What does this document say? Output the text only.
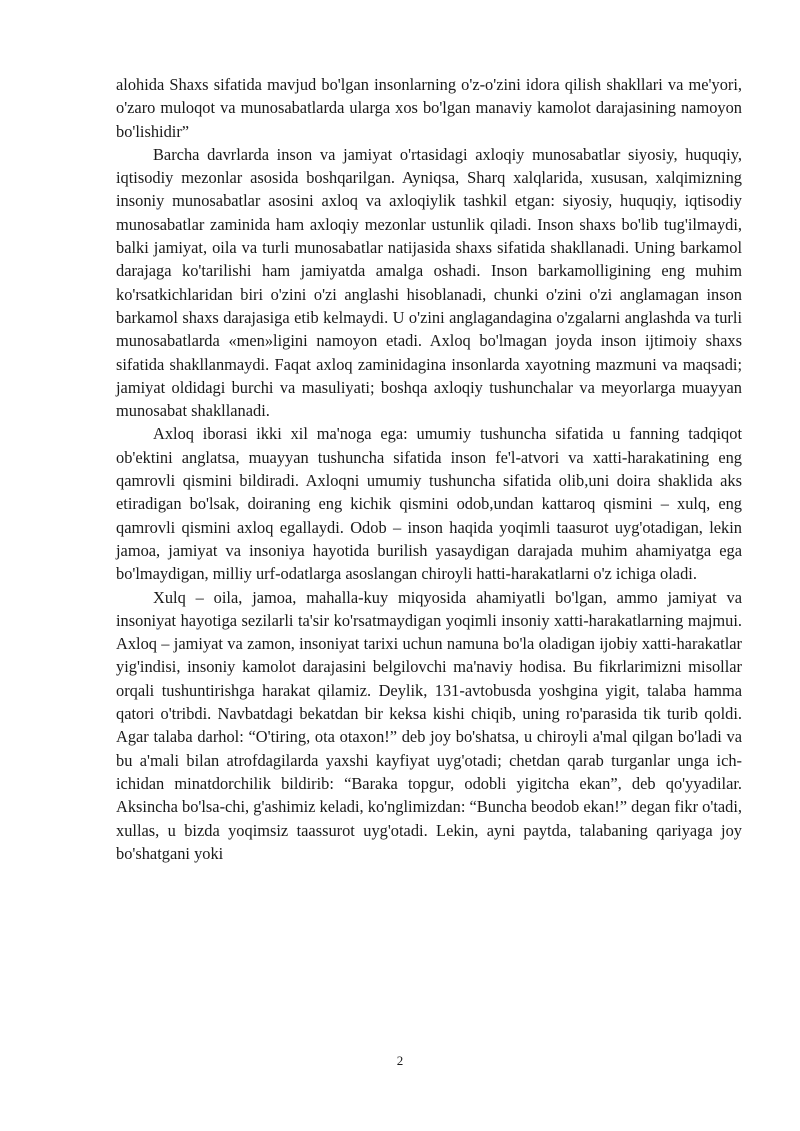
alohida Shaxs sifatida mavjud bo'lgan insonlarning o'z-o'zini idora qilish shakllari va me'yori, o'zaro muloqot va munosabatlarda ularga xos bo'lgan manaviy kamolot darajasining namoyon bo'lishidir”

Barcha davrlarda inson va jamiyat o'rtasidagi axloqiy munosabatlar siyosiy, huquqiy, iqtisodiy mezonlar asosida boshqarilgan. Ayniqsa, Sharq xalqlarida, xususan, xalqimizning insoniy munosabatlar asosini axloq va axloqiylik tashkil etgan: siyosiy, huquqiy, iqtisodiy munosabatlar zaminida ham axloqiy mezonlar ustunlik qiladi. Inson shaxs bo'lib tug'ilmaydi, balki jamiyat, oila va turli munosabatlar natijasida shaxs sifatida shakllanadi. Uning barkamol darajaga ko'tarilishi ham jamiyatda amalga oshadi. Inson barkamolligining eng muhim ko'rsatkichlaridan biri o'zini o'zi anglashi hisoblanadi, chunki o'zini o'zi anglamagan inson barkamol shaxs darajasiga etib kelmaydi. U o'zini anglagandagina o'zgalarni anglashda va turli munosabatlarda «men»ligini namoyon etadi. Axloq bo'lmagan joyda inson ijtimoiy shaxs sifatida shakllanmaydi. Faqat axloq zaminidagina insonlarda xayotning mazmuni va maqsadi; jamiyat oldidagi burchi va masuliyati; boshqa axloqiy tushunchalar va meyorlarga muayyan munosabat shakllanadi.

Axloq iborasi ikki xil ma'noga ega: umumiy tushuncha sifatida u fanning tadqiqot ob'ektini anglatsa, muayyan tushuncha sifatida inson fe'l-atvori va xatti-harakatining eng qamrovli qismini bildiradi. Axloqni umumiy tushuncha sifatida olib,uni doira shaklida aks etiradigan bo'lsak, doiraning eng kichik qismini odob,undan kattaroq qismini – xulq, eng qamrovli qismini axloq egallaydi. Odob – inson haqida yoqimli taasurot uyg'otadigan, lekin jamoa, jamiyat va insoniya hayotida burilish yasaydigan darajada muhim ahamiyatga ega bo'lmaydigan, milliy urf-odatlarga asoslangan chiroyli hatti-harakatlarni o'z ichiga oladi.

Xulq – oila, jamoa, mahalla-kuy miqyosida ahamiyatli bo'lgan, ammo jamiyat va insoniyat hayotiga sezilarli ta'sir ko'rsatmaydigan yoqimli insoniy xatti-harakatlarning majmui. Axloq – jamiyat va zamon, insoniyat tarixi uchun namuna bo'la oladigan ijobiy xatti-harakatlar yig'indisi, insoniy kamolot darajasini belgilovchi ma'naviy hodisa. Bu fikrlarimizni misollar orqali tushuntirishga harakat qilamiz. Deylik, 131-avtobusda yoshgina yigit, talaba hamma qatori o'tribdi. Navbatdagi bekatdan bir keksa kishi chiqib, uning ro'parasida tik turib qoldi. Agar talaba darhol: “O'tiring, ota otaxon!” deb joy bo'shatsa, u chiroyli a'mal qilgan bo'ladi va bu a'mali bilan atrofdagilarda yaxshi kayfiyat uyg'otadi; chetdan qarab turganlar unga ich- ichidan minatdorchilik bildirib: “Baraka topgur, odobli yigitcha ekan”, deb qo'yyadilar. Aksincha bo'lsa-chi, g'ashimiz keladi, ko'nglimizdan: “Buncha beodob ekan!” degan fikr o'tadi, xullas, u bizda yoqimsiz taassurot uyg'otadi. Lekin, ayni paytda, talabaning qariyaga joy bo'shatgani yoki

2
